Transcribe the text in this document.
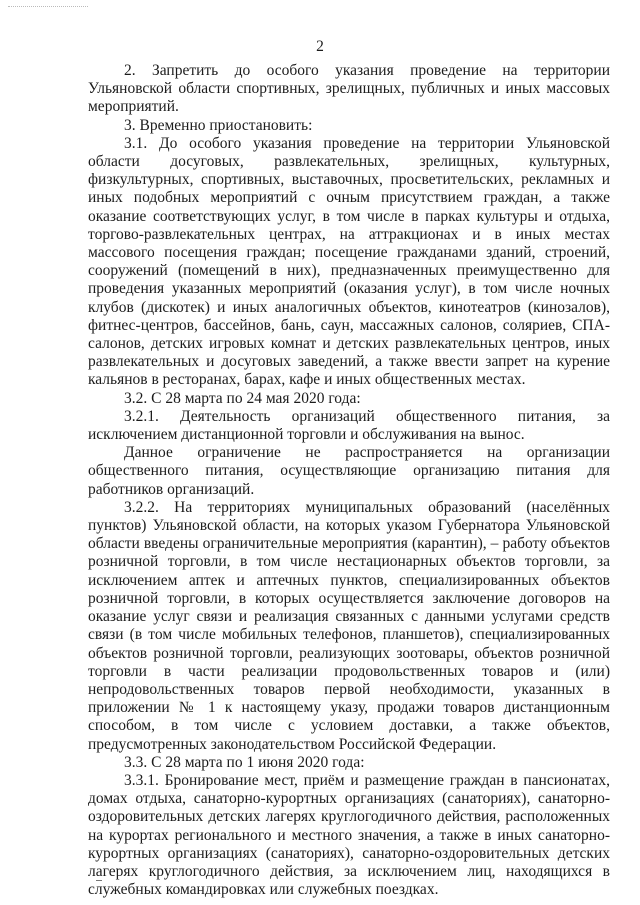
2

2. Запретить до особого указания проведение на территории Ульяновской области спортивных, зрелищных, публичных и иных массовых мероприятий.

3. Временно приостановить:

3.1. До особого указания проведение на территории Ульяновской области досуговых, развлекательных, зрелищных, культурных, физкультурных, спортивных, выставочных, просветительских, рекламных и иных подобных мероприятий с очным присутствием граждан, а также оказание соответствующих услуг, в том числе в парках культуры и отдыха, торгово-развлекательных центрах, на аттракционах и в иных местах массового посещения граждан; посещение гражданами зданий, строений, сооружений (помещений в них), предназначенных преимущественно для проведения указанных мероприятий (оказания услуг), в том числе ночных клубов (дискотек) и иных аналогичных объектов, кинотеатров (кинозалов), фитнес-центров, бассейнов, бань, саун, массажных салонов, соляриев, СПА-салонов, детских игровых комнат и детских развлекательных центров, иных развлекательных и досуговых заведений, а также ввести запрет на курение кальянов в ресторанах, барах, кафе и иных общественных местах.

3.2. С 28 марта по 24 мая 2020 года:

3.2.1. Деятельность организаций общественного питания, за исключением дистанционной торговли и обслуживания на вынос.

Данное ограничение не распространяется на организации общественного питания, осуществляющие организацию питания для работников организаций.

3.2.2. На территориях муниципальных образований (населённых пунктов) Ульяновской области, на которых указом Губернатора Ульяновской области введены ограничительные мероприятия (карантин), – работу объектов розничной торговли, в том числе нестационарных объектов торговли, за исключением аптек и аптечных пунктов, специализированных объектов розничной торговли, в которых осуществляется заключение договоров на оказание услуг связи и реализация связанных с данными услугами средств связи (в том числе мобильных телефонов, планшетов), специализированных объектов розничной торговли, реализующих зоотовары, объектов розничной торговли в части реализации продовольственных товаров и (или) непродовольственных товаров первой необходимости, указанных в приложении № 1 к настоящему указу, продажи товаров дистанционным способом, в том числе с условием доставки, а также объектов, предусмотренных законодательством Российской Федерации.

3.3. С 28 марта по 1 июня 2020 года:

3.3.1. Бронирование мест, приём и размещение граждан в пансионатах, домах отдыха, санаторно-курортных организациях (санаториях), санаторно-оздоровительных детских лагерях круглогодичного действия, расположенных на курортах регионального и местного значения, а также в иных санаторно-курортных организациях (санаториях), санаторно-оздоровительных детских лагерях круглогодичного действия, за исключением лиц, находящихся в служебных командировках или служебных поездках.
